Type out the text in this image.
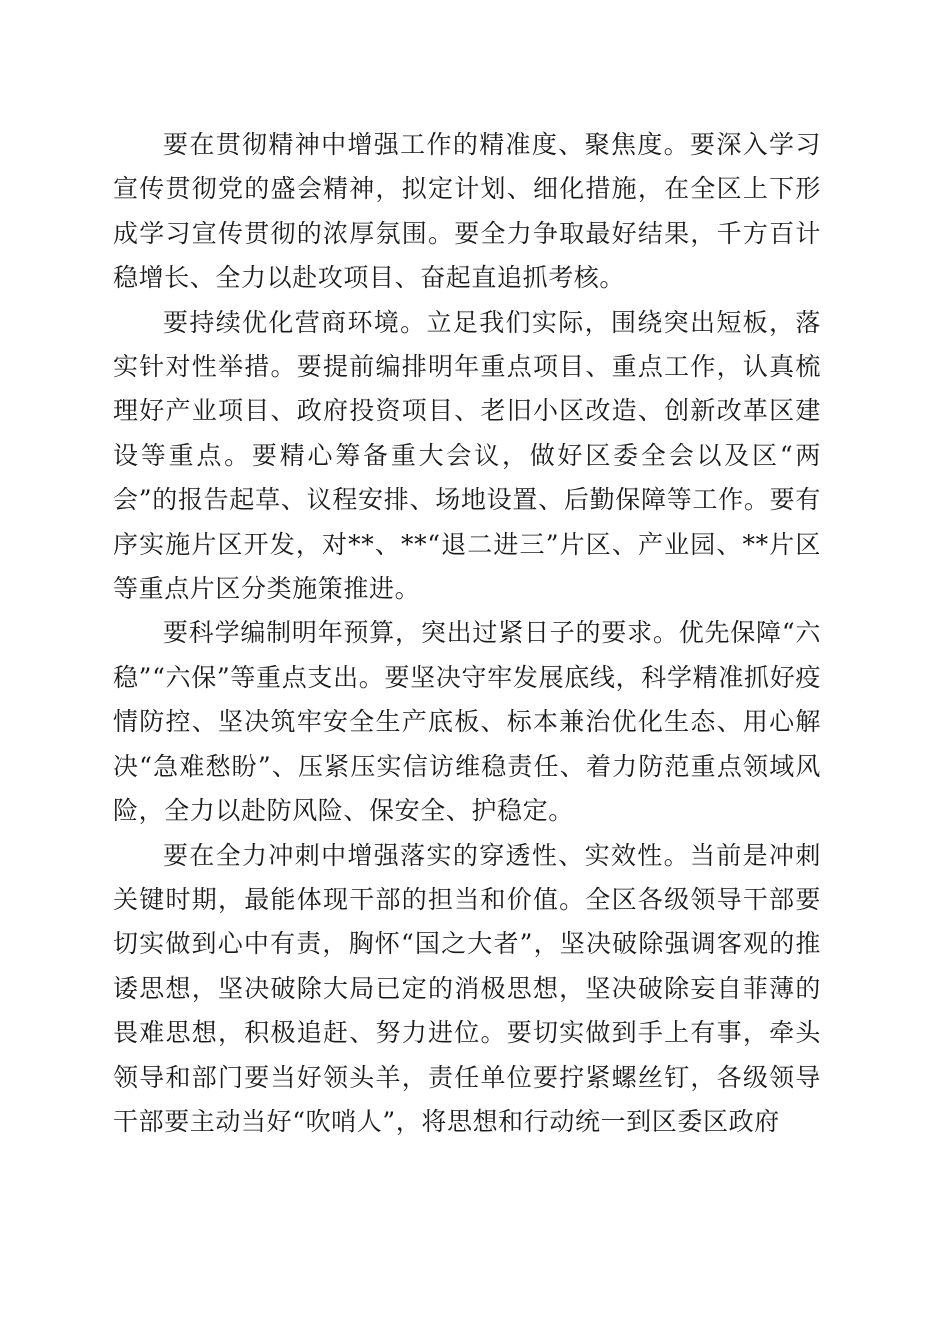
要在贯彻精神中增强工作的精准度、聚焦度。要深入学习宣传贯彻党的盛会精神，拟定计划、细化措施，在全区上下形成学习宣传贯彻的浓厚氛围。要全力争取最好结果，千方百计稳增长、全力以赴攻项目、奋起直追抓考核。

要持续优化营商环境。立足我们实际，围绕突出短板，落实针对性举措。要提前编排明年重点项目、重点工作，认真梳理好产业项目、政府投资项目、老旧小区改造、创新改革区建设等重点。要精心筹备重大会议，做好区委全会以及区“两会”的报告起草、议程安排、场地设置、后勤保障等工作。要有序实施片区开发，对**、**“退二进三”片区、产业园、**片区等重点片区分类施策推进。

要科学编制明年预算，突出过紧日子的要求。优先保障“六稳”“六保”等重点支出。要坚决守牢发展底线，科学精准抓好疫情防控、坚决筑牢安全生产底板、标本兼治优化生态、用心解决“急难愁盼”、压紧压实信访维稳责任、着力防范重点领域风险，全力以赴防风险、保安全、护稳定。

要在全力冲刺中增强落实的穿透性、实效性。当前是冲刺关键时期，最能体现干部的担当和价值。全区各级领导干部要切实做到心中有责，胸怀“国之大者”，坚决破除强调客观的推诿思想，坚决破除大局已定的消极思想，坚决破除妄自菲薄的畏难思想，积极追赶、努力进位。要切实做到手上有事，牵头领导和部门要当好领头羊，责任单位要拧紧螺丝钉，各级领导干部要主动当好“吹哨人”，将思想和行动统一到区委区政府
